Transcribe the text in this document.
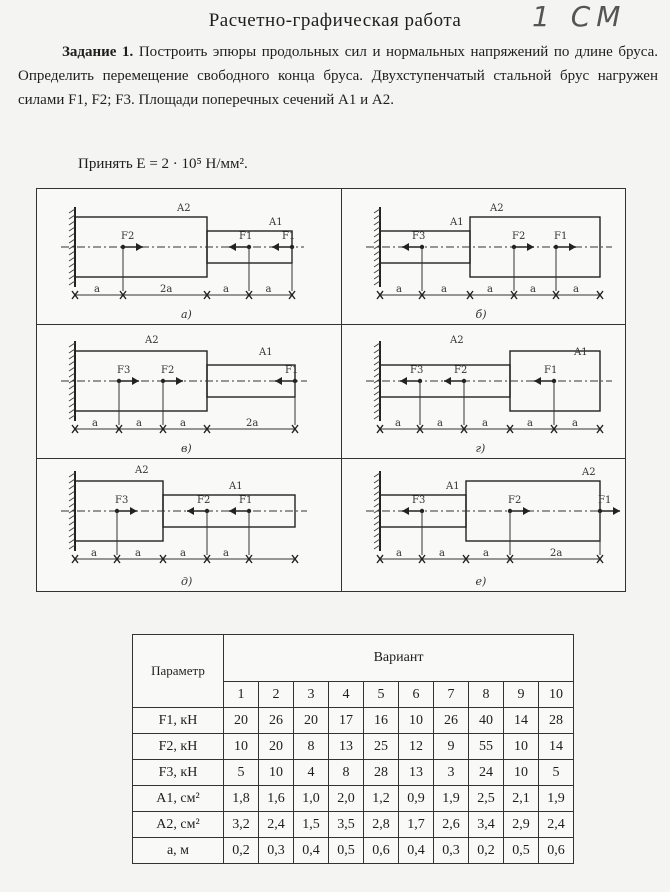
Расчетно-графическая работа	1 СМ
Задание 1. Построить эпюры продольных сил и нормальных напряжений по длине бруса. Определить перемещение свободного конца бруса. Двухступенчатый стальной брус нагружен силами F1, F2; F3. Площади поперечных сечений A1 и A2.
Принять E = 2 · 10⁵ Н/мм².
F2	F1	F1
A2
A1
a	2a	a	a
а)
F3	F2	F1
A1
A2
a	a	a	a	a
б)
F3	F2	F1
A2
A1
a	a	a	2a
в)
F3	F2	F1
A2
A1
a	a	a	a	a
г)
F3	F2	F1
A2
A1
a	a	a	a
д)
F3	F2	F1
A1
A2
a	a	a	2a
е)
Параметр	Вариант									
	1	2	3	4	5	6	7	8	9	10
F1, кН	20	26	20	17	16	10	26	40	14	28
F2, кН	10	20	8	13	25	12	9	55	10	14
F3, кН	5	10	4	8	28	13	3	24	10	5
A1, см²	1,8	1,6	1,0	2,0	1,2	0,9	1,9	2,5	2,1	1,9
A2, см²	3,2	2,4	1,5	3,5	2,8	1,7	2,6	3,4	2,9	2,4
a, м	0,2	0,3	0,4	0,5	0,6	0,4	0,3	0,2	0,5	0,6
